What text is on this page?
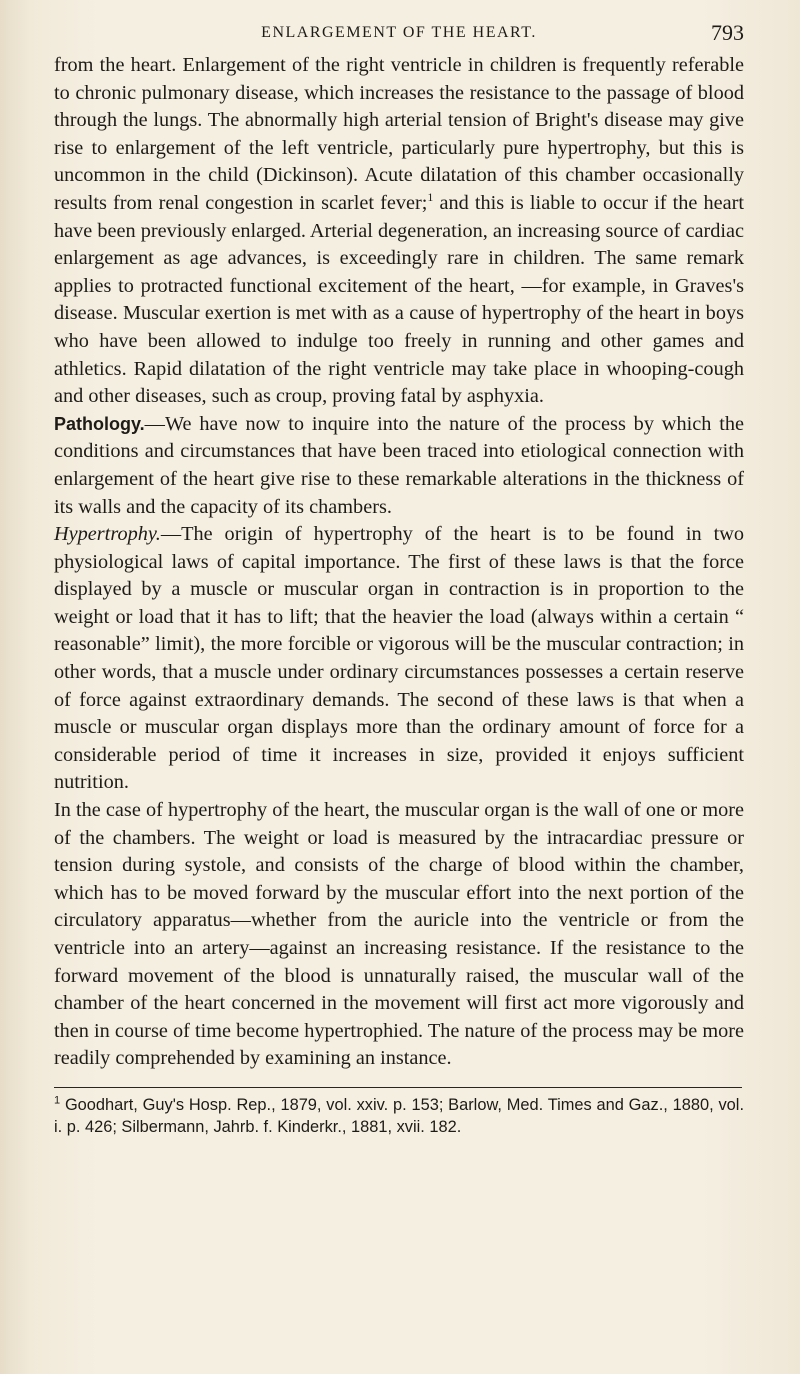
ENLARGEMENT OF THE HEART.	793

from the heart. Enlargement of the right ventricle in children is frequently referable to chronic pulmonary disease, which increases the resistance to the passage of blood through the lungs. The abnormally high arterial tension of Bright's disease may give rise to enlargement of the left ventricle, particularly pure hypertrophy, but this is uncommon in the child (Dickinson). Acute dilatation of this chamber occasionally results from renal congestion in scarlet fever;$^1$ and this is liable to occur if the heart have been previously enlarged. Arterial degeneration, an increasing source of cardiac enlargement as age advances, is exceedingly rare in children. The same remark applies to protracted functional excitement of the heart, —for example, in Graves's disease. Muscular exertion is met with as a cause of hypertrophy of the heart in boys who have been allowed to indulge too freely in running and other games and athletics. Rapid dilatation of the right ventricle may take place in whooping-cough and other diseases, such as croup, proving fatal by asphyxia.

Pathology.—We have now to inquire into the nature of the process by which the conditions and circumstances that have been traced into etiological connection with enlargement of the heart give rise to these remarkable alterations in the thickness of its walls and the capacity of its chambers.

Hypertrophy.—The origin of hypertrophy of the heart is to be found in two physiological laws of capital importance. The first of these laws is that the force displayed by a muscle or muscular organ in contraction is in proportion to the weight or load that it has to lift; that the heavier the load (always within a certain “ reasonable” limit), the more forcible or vigorous will be the muscular contraction; in other words, that a muscle under ordinary circumstances possesses a certain reserve of force against extraordinary demands. The second of these laws is that when a muscle or muscular organ displays more than the ordinary amount of force for a considerable period of time it increases in size, provided it enjoys sufficient nutrition.

In the case of hypertrophy of the heart, the muscular organ is the wall of one or more of the chambers. The weight or load is measured by the intracardiac pressure or tension during systole, and consists of the charge of blood within the chamber, which has to be moved forward by the muscular effort into the next portion of the circulatory apparatus—whether from the auricle into the ventricle or from the ventricle into an artery—against an increasing resistance. If the resistance to the forward movement of the blood is unnaturally raised, the muscular wall of the chamber of the heart concerned in the movement will first act more vigorously and then in course of time become hypertrophied. The nature of the process may be more readily comprehended by examining an instance.

$^1$ Goodhart, Guy's Hosp. Rep., 1879, vol. xxiv. p. 153; Barlow, Med. Times and Gaz., 1880, vol. i. p. 426; Silbermann, Jahrb. f. Kinderkr., 1881, xvii. 182.
